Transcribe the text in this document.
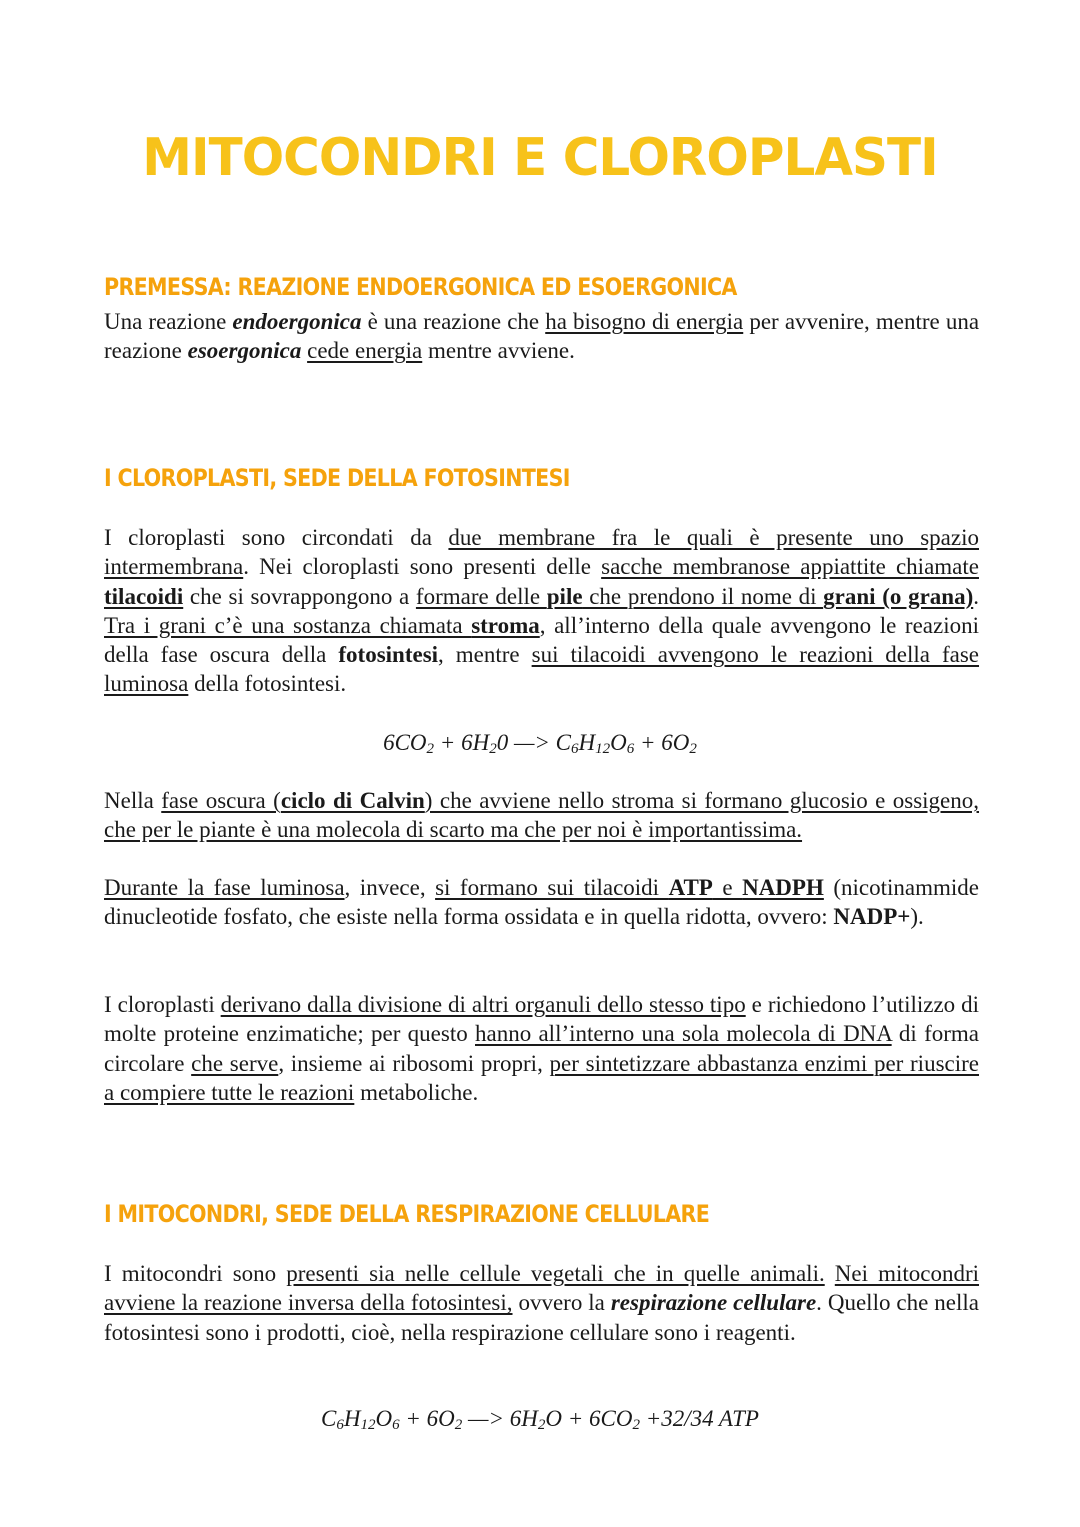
MITOCONDRI E CLOROPLASTI
PREMESSA: REAZIONE ENDOERGONICA ED ESOERGONICA

Una reazione endoergonica è una reazione che ha bisogno di energia per avvenire, mentre una reazione esoergonica cede energia mentre avviene.

I CLOROPLASTI, SEDE DELLA FOTOSINTESI

I cloroplasti sono circondati da due membrane fra le quali è presente uno spazio intermembrana. Nei cloroplasti sono presenti delle sacche membranose appiattite chiamate tilacoidi che si sovrappongono a formare delle pile che prendono il nome di grani (o grana). Tra i grani c’è una sostanza chiamata stroma, all’interno della quale avvengono le reazioni della fase oscura della fotosintesi, mentre sui tilacoidi avvengono le reazioni della fase luminosa della fotosintesi.

$6CO_2 + 6H_20$ —> $C_6H_{12}O_6 + 6O_2$

Nella fase oscura (ciclo di Calvin) che avviene nello stroma si formano glucosio e ossigeno, che per le piante è una molecola di scarto ma che per noi è importantissima.

Durante la fase luminosa, invece, si formano sui tilacoidi ATP e NADPH (nicotinammide dinucleotide fosfato, che esiste nella forma ossidata e in quella ridotta, ovvero: NADP+).

I cloroplasti derivano dalla divisione di altri organuli dello stesso tipo e richiedono l’utilizzo di molte proteine enzimatiche; per questo hanno all’interno una sola molecola di DNA di forma circolare che serve, insieme ai ribosomi propri, per sintetizzare abbastanza enzimi per riuscire a compiere tutte le reazioni metaboliche.

I MITOCONDRI, SEDE DELLA RESPIRAZIONE CELLULARE

I mitocondri sono presenti sia nelle cellule vegetali che in quelle animali. Nei mitocondri avviene la reazione inversa della fotosintesi, ovvero la respirazione cellulare. Quello che nella fotosintesi sono i prodotti, cioè, nella respirazione cellulare sono i reagenti.

$C_6H_{12}O_6 + 6O_2$ —> $6H_2O + 6CO_2 +32/34$ ATP
